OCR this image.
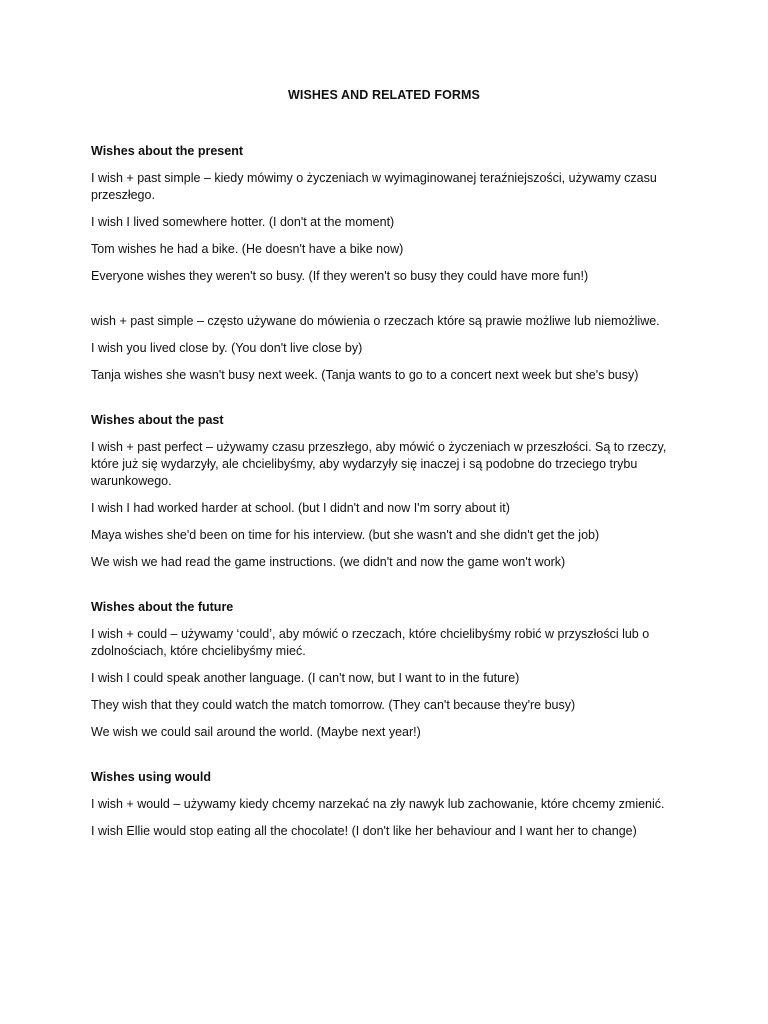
WISHES AND RELATED FORMS
Wishes about the present
I wish + past simple – kiedy mówimy o życzeniach w wyimaginowanej teraźniejszości, używamy czasu przeszłego.
I wish I lived somewhere hotter. (I don't at the moment)
Tom wishes he had a bike. (He doesn't have a bike now)
Everyone wishes they weren't so busy. (If they weren't so busy they could have more fun!)
wish + past simple – często używane do mówienia o rzeczach które są prawie możliwe lub niemożliwe.
I wish you lived close by. (You don't live close by)
Tanja wishes she wasn't busy next week. (Tanja wants to go to a concert next week but she's busy)
Wishes about the past
I wish + past perfect – używamy czasu przeszłego, aby mówić o życzeniach w przeszłości. Są to rzeczy, które już się wydarzyły, ale chcielibyśmy, aby wydarzyły się inaczej i są podobne do trzeciego trybu warunkowego.
I wish I had worked harder at school. (but I didn't and now I'm sorry about it)
Maya wishes she'd been on time for his interview. (but she wasn't and she didn't get the job)
We wish we had read the game instructions. (we didn't and now the game won't work)
Wishes about the future
I wish + could – używamy ‘could’, aby mówić o rzeczach, które chcielibyśmy robić w przyszłości lub o zdolnościach, które chcielibyśmy mieć.
I wish I could speak another language. (I can't now, but I want to in the future)
They wish that they could watch the match tomorrow. (They can't because they're busy)
We wish we could sail around the world. (Maybe next year!)
Wishes using would
I wish + would – używamy kiedy chcemy narzekać na zły nawyk lub zachowanie, które chcemy zmienić.
I wish Ellie would stop eating all the chocolate! (I don't like her behaviour and I want her to change)
